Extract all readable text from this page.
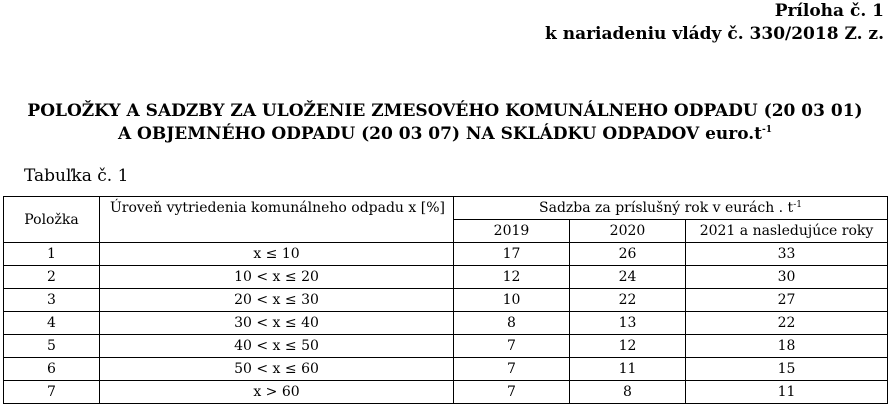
Príloha č. 1
k nariadeniu vlády č. 330/2018 Z. z.
POLOŽKY A SADZBY ZA ULOŽENIE ZMESOVÉHO KOMUNÁLNEHO ODPADU (20 03 01)
A OBJEMNÉHO ODPADU (20 03 07) NA SKLÁDKU ODPADOV $euro.t^{-1}$
Tabuľka č. 1
Položka	Úroveň vytriedenia komunálneho odpadu x [%]	Sadzba za príslušný rok v eurách . $t^{-1}$
		2019	2020	2021 a nasledujúce roky
1	x ≤ 10	17	26	33
2	10 < x ≤ 20	12	24	30
3	20 < x ≤ 30	10	22	27
4	30 < x ≤ 40	8	13	22
5	40 < x ≤ 50	7	12	18
6	50 < x ≤ 60	7	11	15
7	x > 60	7	8	11
